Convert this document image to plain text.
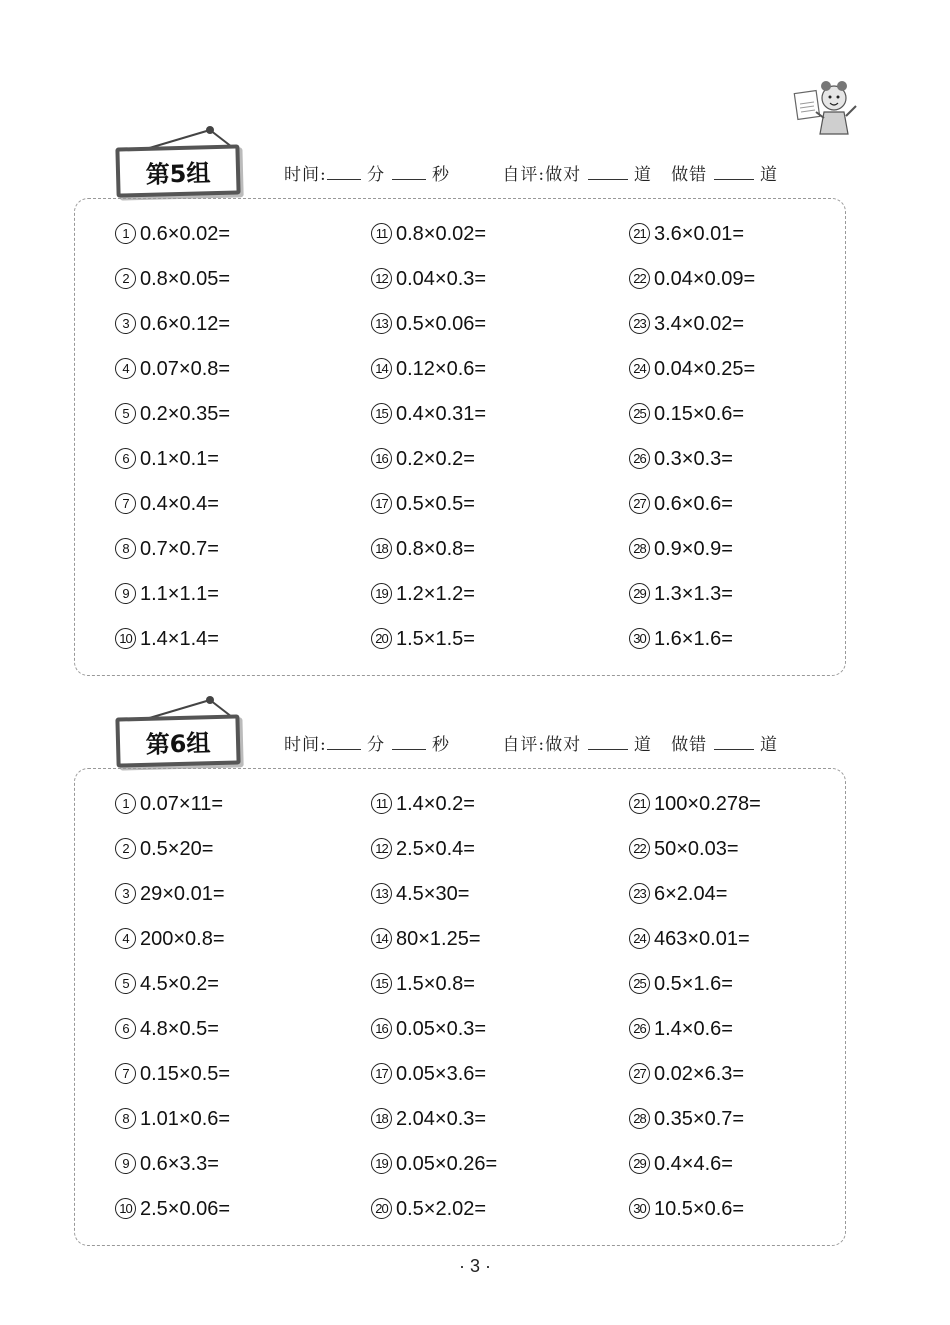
第5组	时间: 分	秒	自评:做对	道 做错	道
1 0.6×0.02=
2 0.8×0.05=
3 0.6×0.12=
4 0.07×0.8=
5 0.2×0.35=
6 0.1×0.1=
7 0.4×0.4=
8 0.7×0.7=
9 1.1×1.1=
10 1.4×1.4=
11 0.8×0.02=
12 0.04×0.3=
13 0.5×0.06=
14 0.12×0.6=
15 0.4×0.31=
16 0.2×0.2=
17 0.5×0.5=
18 0.8×0.8=
19 1.2×1.2=
20 1.5×1.5=
21 3.6×0.01=
22 0.04×0.09=
23 3.4×0.02=
24 0.04×0.25=
25 0.15×0.6=
26 0.3×0.3=
27 0.6×0.6=
28 0.9×0.9=
29 1.3×1.3=
30 1.6×1.6=
第6组	时间: 分	秒	自评:做对	道 做错	道
1 0.07×11=
2 0.5×20=
3 29×0.01=
4 200×0.8=
5 4.5×0.2=
6 4.8×0.5=
7 0.15×0.5=
8 1.01×0.6=
9 0.6×3.3=
10 2.5×0.06=
11 1.4×0.2=
12 2.5×0.4=
13 4.5×30=
14 80×1.25=
15 1.5×0.8=
16 0.05×0.3=
17 0.05×3.6=
18 2.04×0.3=
19 0.05×0.26=
20 0.5×2.02=
21 100×0.278=
22 50×0.03=
23 6×2.04=
24 463×0.01=
25 0.5×1.6=
26 1.4×0.6=
27 0.02×6.3=
28 0.35×0.7=
29 0.4×4.6=
30 10.5×0.6=
· 3 ·
